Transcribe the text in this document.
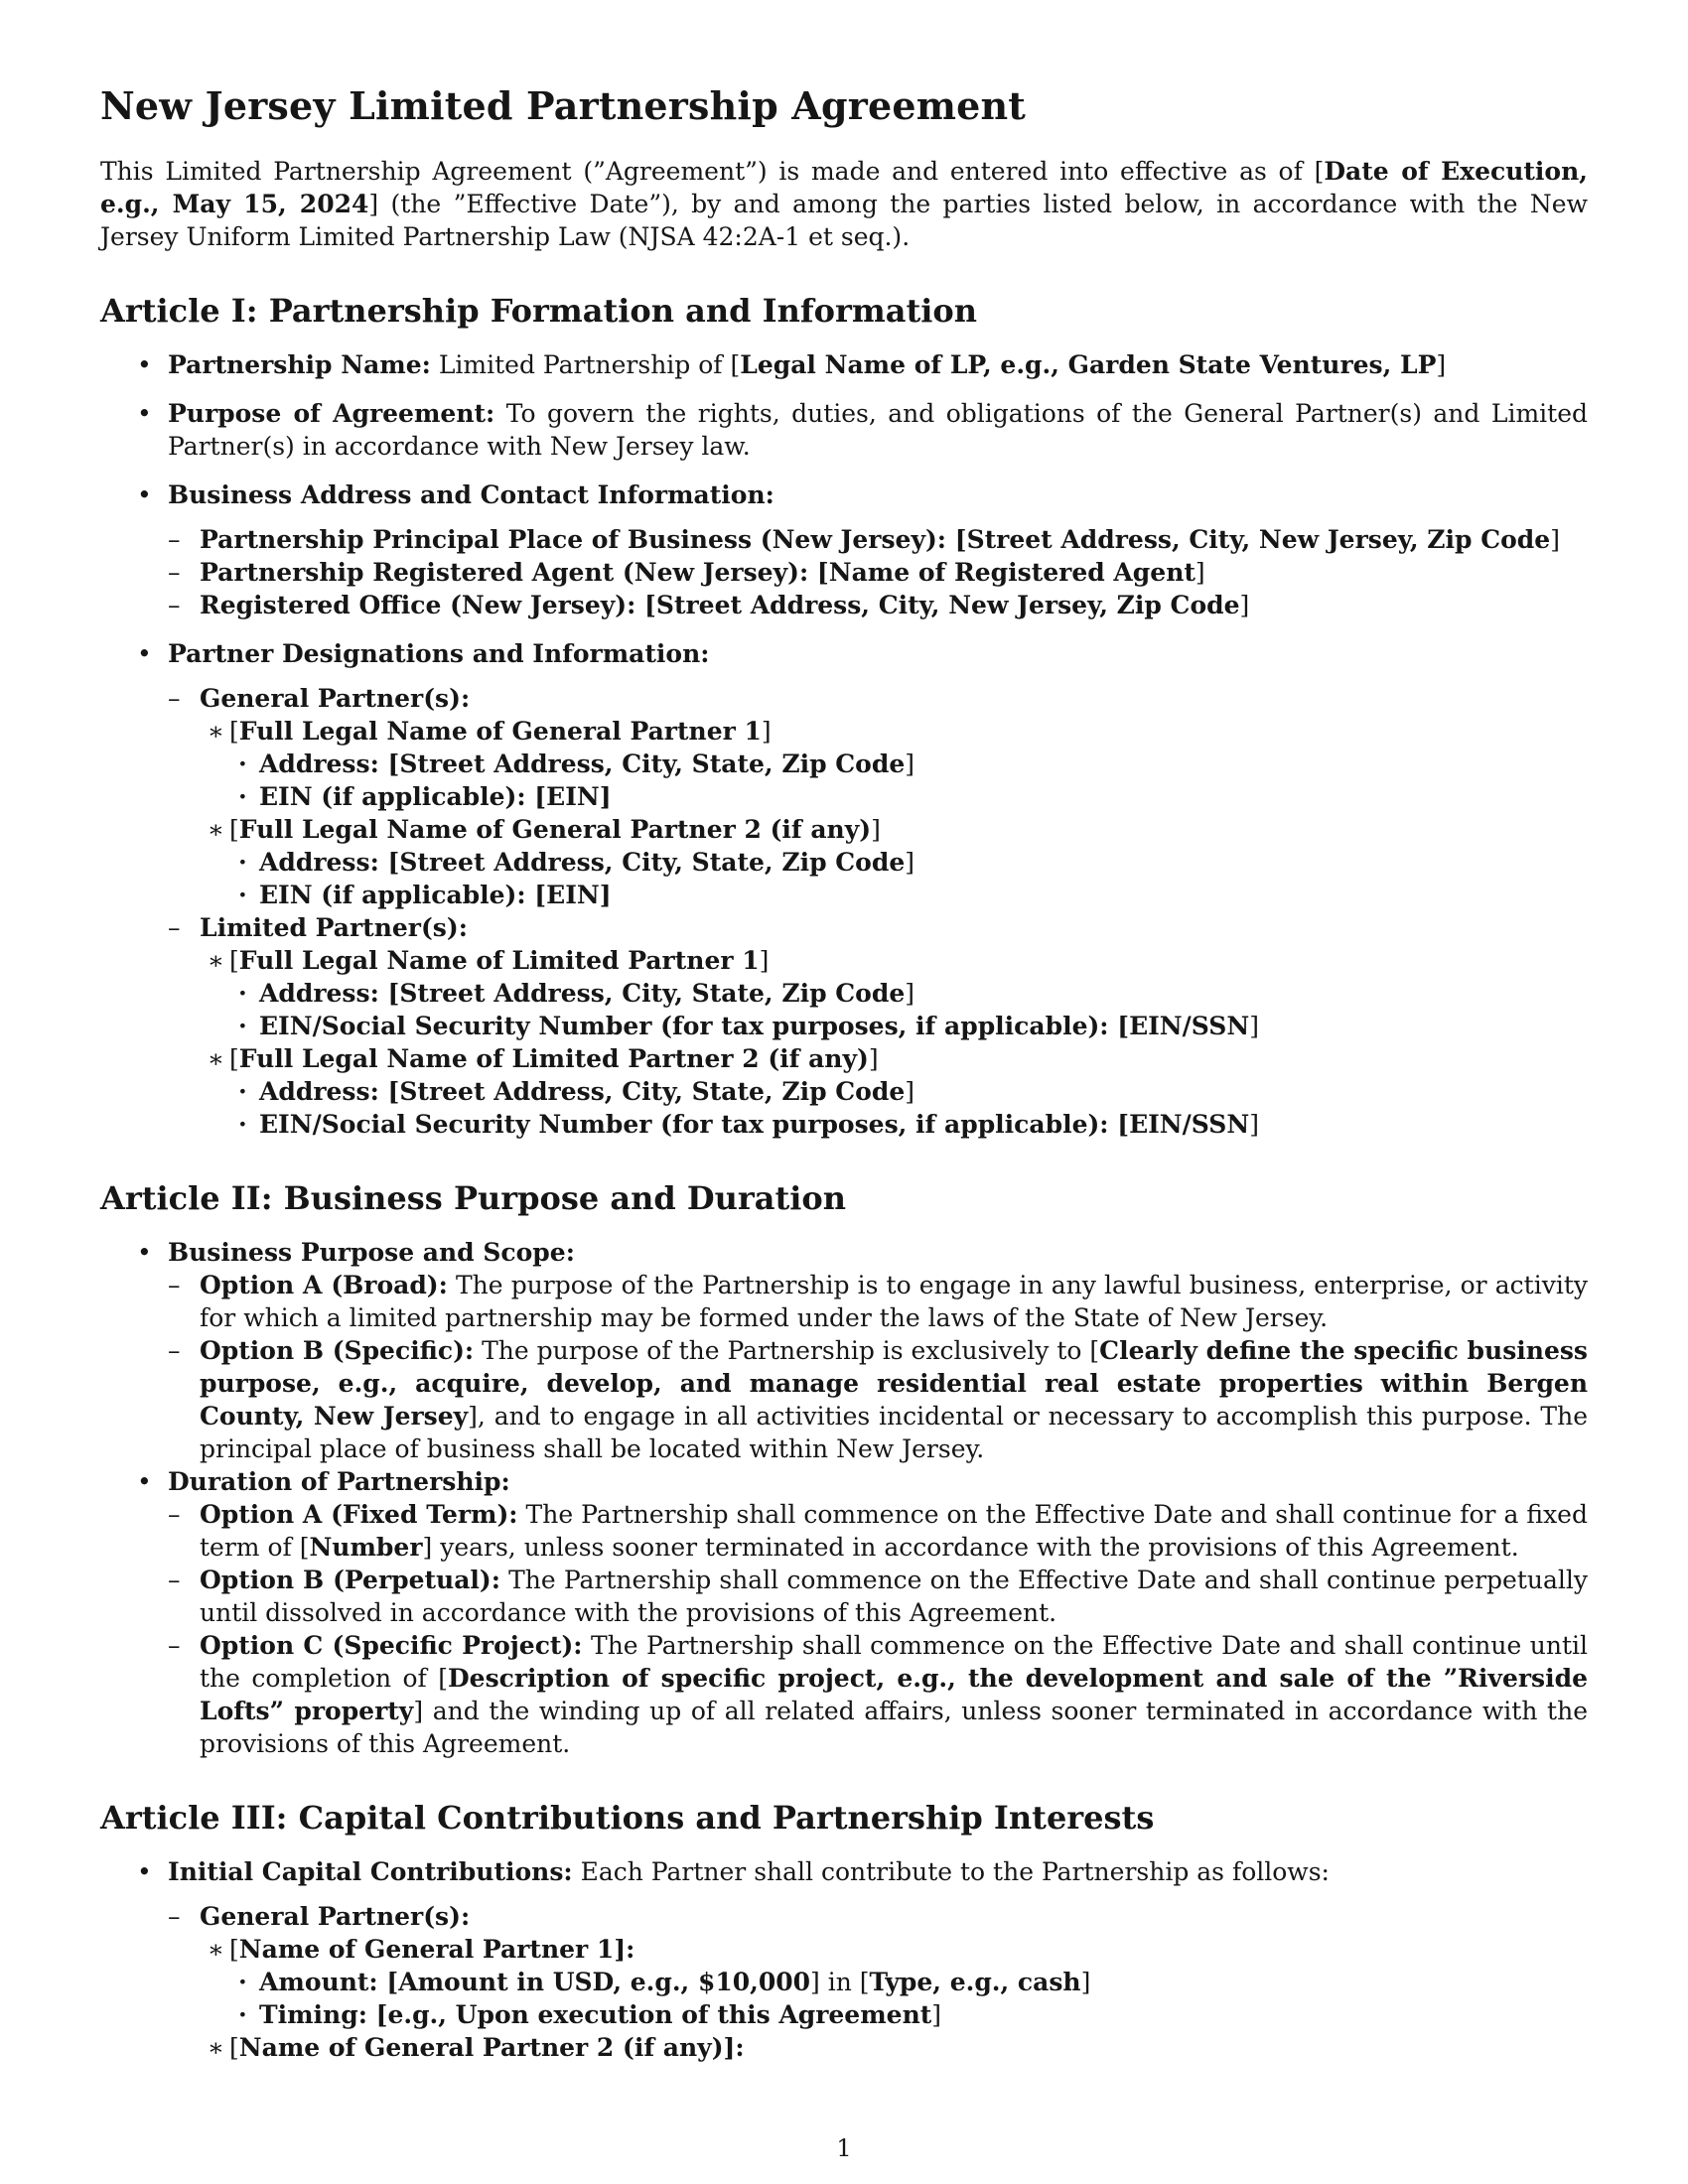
New Jersey Limited Partnership Agreement

This Limited Partnership Agreement (”Agreement”) is made and entered into effective as of [Date of Execution, e.g., May 15, 2024] (the ”Effective Date”), by and among the parties listed below, in accordance with the New Jersey Uniform Limited Partnership Law (NJSA 42:2A-1 et seq.).

Article I: Partnership Formation and Information
• Partnership Name: Limited Partnership of [Legal Name of LP, e.g., Garden State Ventures, LP]
• Purpose of Agreement: To govern the rights, duties, and obligations of the General Partner(s) and Limited Partner(s) in accordance with New Jersey law.
• Business Address and Contact Information:
– Partnership Principal Place of Business (New Jersey): [Street Address, City, New Jersey, Zip Code]
– Partnership Registered Agent (New Jersey): [Name of Registered Agent]
– Registered Office (New Jersey): [Street Address, City, New Jersey, Zip Code]
• Partner Designations and Information:
– General Partner(s):
∗ [Full Legal Name of General Partner 1]
· Address: [Street Address, City, State, Zip Code]
· EIN (if applicable): [EIN]
∗ [Full Legal Name of General Partner 2 (if any)]
· Address: [Street Address, City, State, Zip Code]
· EIN (if applicable): [EIN]
– Limited Partner(s):
∗ [Full Legal Name of Limited Partner 1]
· Address: [Street Address, City, State, Zip Code]
· EIN/Social Security Number (for tax purposes, if applicable): [EIN/SSN]
∗ [Full Legal Name of Limited Partner 2 (if any)]
· Address: [Street Address, City, State, Zip Code]
· EIN/Social Security Number (for tax purposes, if applicable): [EIN/SSN]
Article II: Business Purpose and Duration
• Business Purpose and Scope:
– Option A (Broad): The purpose of the Partnership is to engage in any lawful business, enterprise, or activity for which a limited partnership may be formed under the laws of the State of New Jersey.
– Option B (Specific): The purpose of the Partnership is exclusively to [Clearly define the specific business purpose, e.g., acquire, develop, and manage residential real estate properties within Bergen County, New Jersey], and to engage in all activities incidental or necessary to accomplish this purpose. The principal place of business shall be located within New Jersey.
• Duration of Partnership:
– Option A (Fixed Term): The Partnership shall commence on the Effective Date and shall continue for a fixed term of [Number] years, unless sooner terminated in accordance with the provisions of this Agreement.
– Option B (Perpetual): The Partnership shall commence on the Effective Date and shall continue perpetually until dissolved in accordance with the provisions of this Agreement.
– Option C (Specific Project): The Partnership shall commence on the Effective Date and shall continue until the completion of [Description of specific project, e.g., the development and sale of the ”Riverside Lofts” property] and the winding up of all related affairs, unless sooner terminated in accordance with the provisions of this Agreement.
Article III: Capital Contributions and Partnership Interests
• Initial Capital Contributions: Each Partner shall contribute to the Partnership as follows:
– General Partner(s):
∗ [Name of General Partner 1]:
· Amount: [Amount in USD, e.g., $10,000] in [Type, e.g., cash]
· Timing: [e.g., Upon execution of this Agreement]
∗ [Name of General Partner 2 (if any)]:
1
